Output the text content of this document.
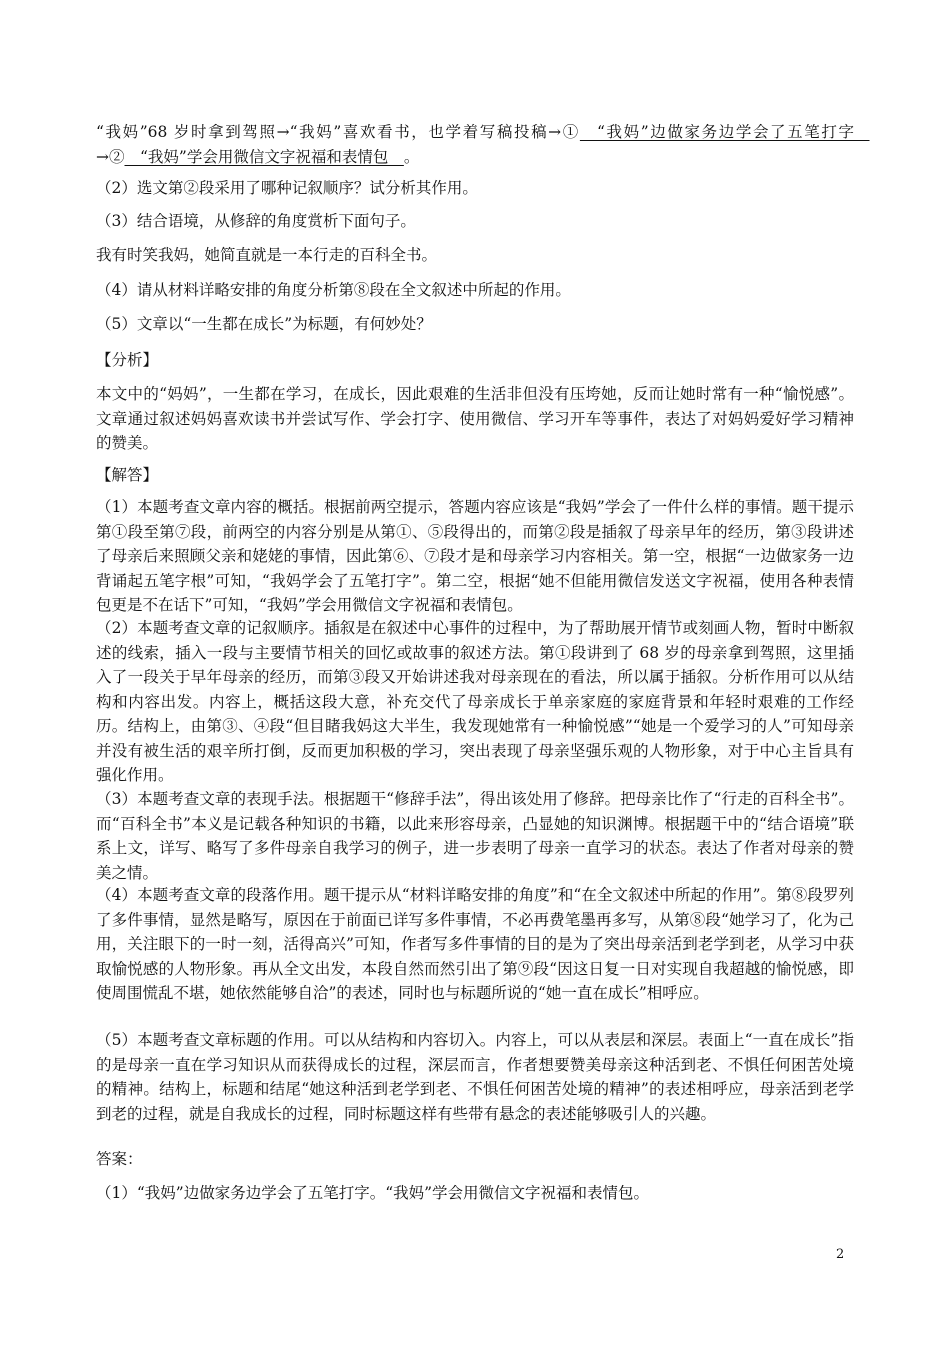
“我妈”68 岁时拿到驾照→“我妈”喜欢看书，也学着写稿投稿→①　“我妈”边做家务边学会了五笔打字　→②　“我妈”学会用微信文字祝福和表情包　。

（2）选文第②段采用了哪种记叙顺序？试分析其作用。

（3）结合语境，从修辞的角度赏析下面句子。

我有时笑我妈，她简直就是一本行走的百科全书。

（4）请从材料详略安排的角度分析第⑧段在全文叙述中所起的作用。

（5）文章以“一生都在成长”为标题，有何妙处？

【分析】

本文中的“妈妈”，一生都在学习，在成长，因此艰难的生活非但没有压垮她，反而让她时常有一种“愉悦感”。文章通过叙述妈妈喜欢读书并尝试写作、学会打字、使用微信、学习开车等事件，表达了对妈妈爱好学习精神的赞美。

【解答】

（1）本题考查文章内容的概括。根据前两空提示，答题内容应该是“我妈”学会了一件什么样的事情。题干提示第①段至第⑦段，前两空的内容分别是从第①、⑤段得出的，而第②段是插叙了母亲早年的经历，第③段讲述了母亲后来照顾父亲和姥姥的事情，因此第⑥、⑦段才是和母亲学习内容相关。第一空，根据“一边做家务一边背诵起五笔字根”可知，“我妈学会了五笔打字”。第二空，根据“她不但能用微信发送文字祝福，使用各种表情包更是不在话下”可知，“我妈”学会用微信文字祝福和表情包。

（2）本题考查文章的记叙顺序。插叙是在叙述中心事件的过程中，为了帮助展开情节或刻画人物，暂时中断叙述的线索，插入一段与主要情节相关的回忆或故事的叙述方法。第①段讲到了 68 岁的母亲拿到驾照，这里插入了一段关于早年母亲的经历，而第③段又开始讲述我对母亲现在的看法，所以属于插叙。分析作用可以从结构和内容出发。内容上，概括这段大意，补充交代了母亲成长于单亲家庭的家庭背景和年轻时艰难的工作经历。结构上，由第③、④段“但目睹我妈这大半生，我发现她常有一种愉悦感”“她是一个爱学习的人”可知母亲并没有被生活的艰辛所打倒，反而更加积极的学习，突出表现了母亲坚强乐观的人物形象，对于中心主旨具有强化作用。

（3）本题考查文章的表现手法。根据题干“修辞手法”，得出该处用了修辞。把母亲比作了“行走的百科全书”。而“百科全书”本义是记载各种知识的书籍，以此来形容母亲，凸显她的知识渊博。根据题干中的“结合语境”联系上文，详写、略写了多件母亲自我学习的例子，进一步表明了母亲一直学习的状态。表达了作者对母亲的赞美之情。

（4）本题考查文章的段落作用。题干提示从“材料详略安排的角度”和“在全文叙述中所起的作用”。第⑧段罗列了多件事情，显然是略写，原因在于前面已详写多件事情，不必再费笔墨再多写，从第⑧段“她学习了，化为己用，关注眼下的一时一刻，活得高兴”可知，作者写多件事情的目的是为了突出母亲活到老学到老，从学习中获取愉悦感的人物形象。再从全文出发，本段自然而然引出了第⑨段“因这日复一日对实现自我超越的愉悦感，即使周围慌乱不堪，她依然能够自洽”的表述，同时也与标题所说的“她一直在成长”相呼应。

（5）本题考查文章标题的作用。可以从结构和内容切入。内容上，可以从表层和深层。表面上“一直在成长”指的是母亲一直在学习知识从而获得成长的过程，深层而言，作者想要赞美母亲这种活到老、不惧任何困苦处境的精神。结构上，标题和结尾“她这种活到老学到老、不惧任何困苦处境的精神”的表述相呼应，母亲活到老学到老的过程，就是自我成长的过程，同时标题这样有些带有悬念的表述能够吸引人的兴趣。

答案：

（1）“我妈”边做家务边学会了五笔打字。“我妈”学会用微信文字祝福和表情包。

2
